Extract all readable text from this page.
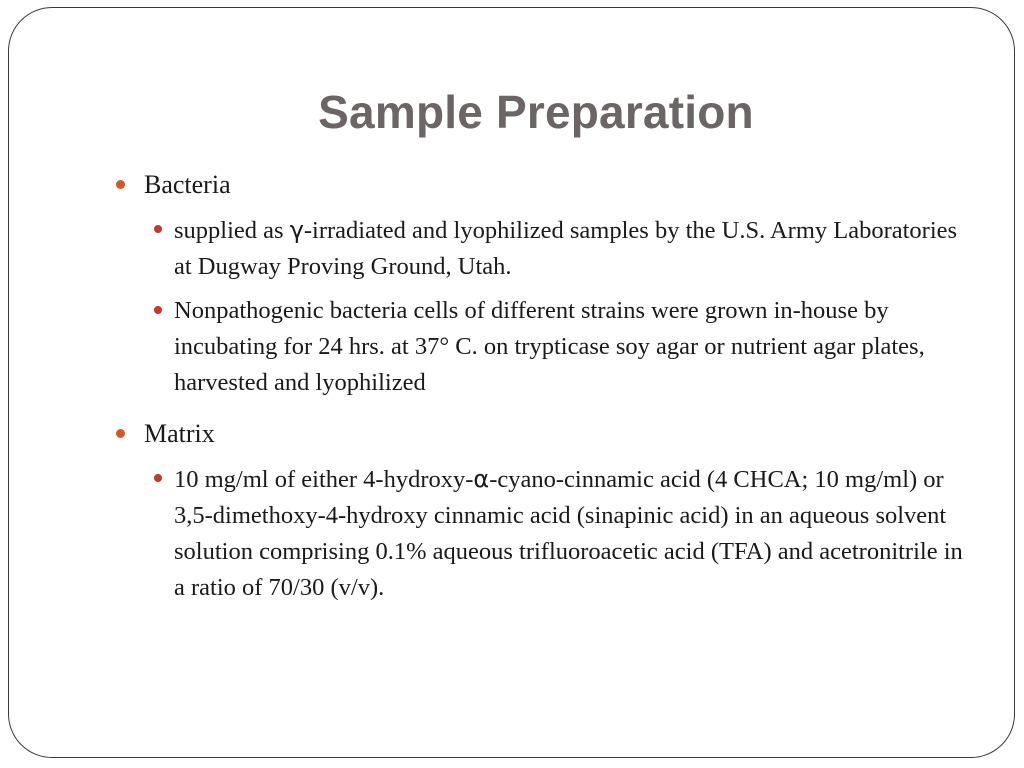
Sample Preparation
Bacteria
supplied as γ-irradiated and lyophilized samples by the U.S. Army Laboratories at Dugway Proving Ground, Utah.
Nonpathogenic bacteria cells of different strains were grown in-house by incubating for 24 hrs. at 37° C. on trypticase soy agar or nutrient agar plates, harvested and lyophilized
Matrix
10 mg/ml of either 4-hydroxy-α-cyano-cinnamic acid (4 CHCA; 10 mg/ml) or 3,5-dimethoxy-4-hydroxy cinnamic acid (sinapinic acid) in an aqueous solvent solution comprising 0.1% aqueous trifluoroacetic acid (TFA) and acetronitrile in a ratio of 70/30 (v/v).
